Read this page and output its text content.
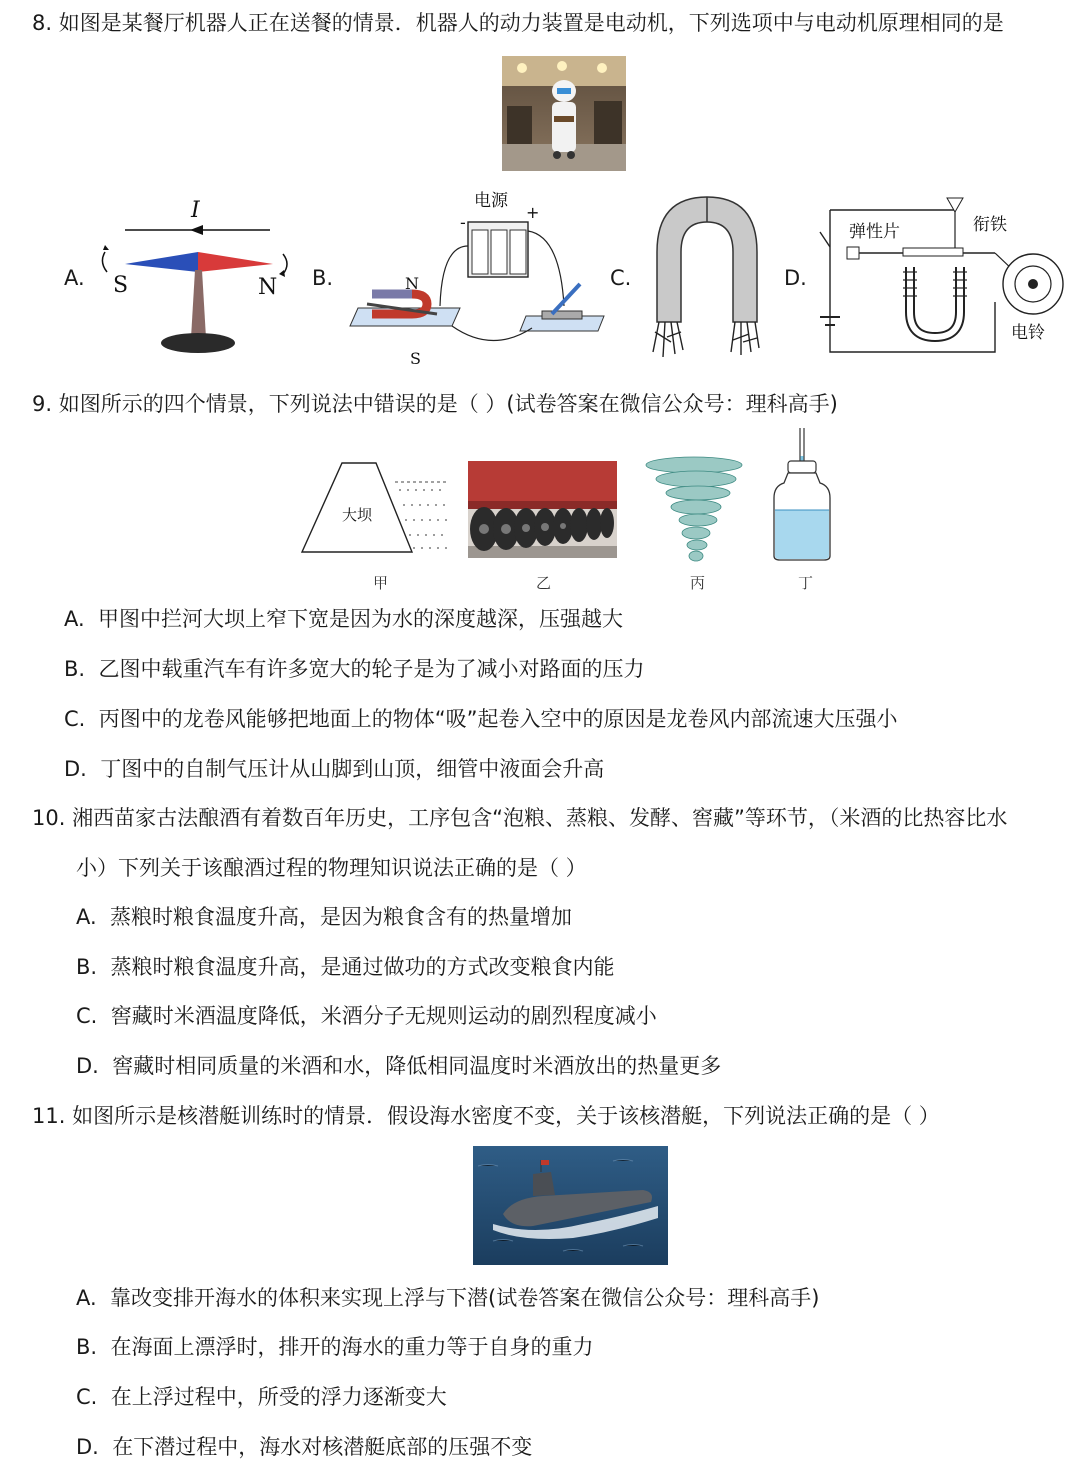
8. 如图是某餐厅机器人正在送餐的情景．机器人的动力装置是电动机，下列选项中与电动机原理相同的是
A.
I
S	N B.
电源
-
+
N
S
C.	D.
弹性片	衔铁
电铃
9. 如图所示的四个情景，下列说法中错误的是（ ）(试卷答案在微信公众号：理科高手)
大坝
甲	乙	丙	丁
A. 甲图中拦河大坝上窄下宽是因为水的深度越深，压强越大
B. 乙图中载重汽车有许多宽大的轮子是为了减小对路面的压力
C. 丙图中的龙卷风能够把地面上的物体“吸”起卷入空中的原因是龙卷风内部流速大压强小
D. 丁图中的自制气压计从山脚到山顶，细管中液面会升高
10. 湘西苗家古法酿酒有着数百年历史，工序包含“泡粮、蒸粮、发酵、窖藏”等环节，（米酒的比热容比水
小）下列关于该酿酒过程的物理知识说法正确的是（ ）
A. 蒸粮时粮食温度升高，是因为粮食含有的热量增加
B. 蒸粮时粮食温度升高，是通过做功的方式改变粮食内能
C. 窖藏时米酒温度降低，米酒分子无规则运动的剧烈程度减小
D. 窖藏时相同质量的米酒和水，降低相同温度时米酒放出的热量更多
11. 如图所示是核潜艇训练时的情景．假设海水密度不变，关于该核潜艇，下列说法正确的是（ ）
A. 靠改变排开海水的体积来实现上浮与下潜(试卷答案在微信公众号：理科高手)
B. 在海面上漂浮时，排开的海水的重力等于自身的重力
C. 在上浮过程中，所受的浮力逐渐变大
D. 在下潜过程中，海水对核潜艇底部的压强不变
